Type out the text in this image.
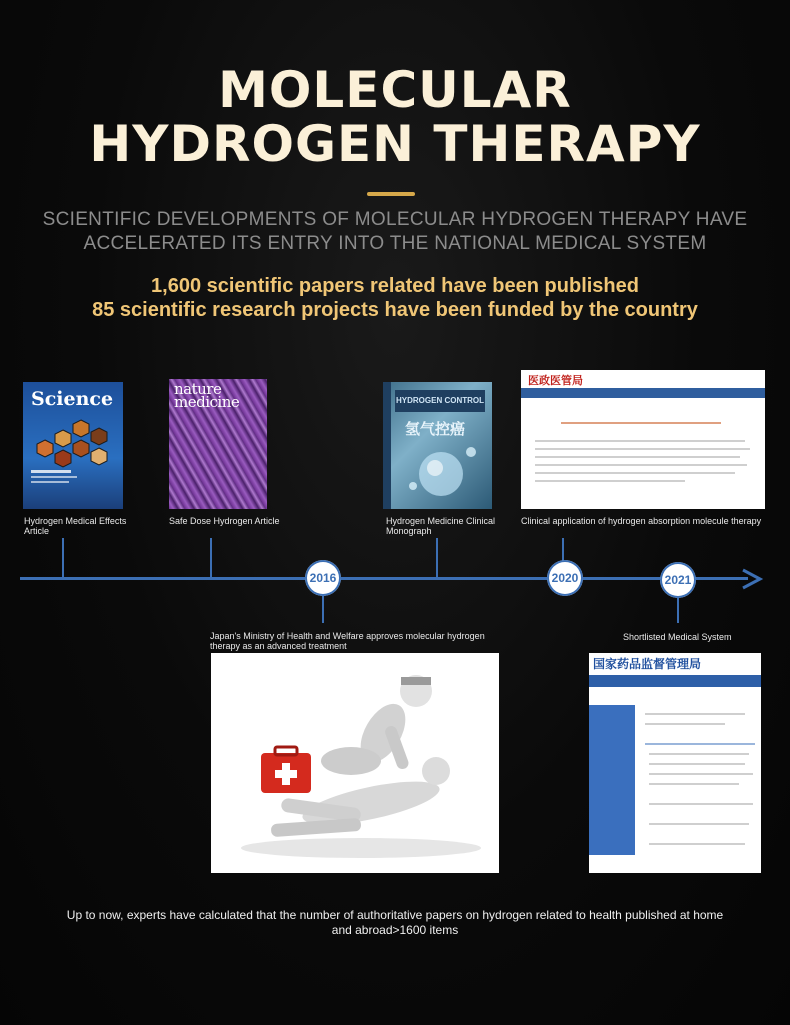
MOLECULAR
HYDROGEN THERAPY
SCIENTIFIC DEVELOPMENTS OF MOLECULAR HYDROGEN THERAPY HAVE
ACCELERATED ITS ENTRY INTO THE NATIONAL MEDICAL SYSTEM
1,600 scientific papers related have been published
85 scientific research projects have been funded by the country
Science
Hydrogen Medical Effects Article
nature medicine
Safe Dose Hydrogen Article
HYDROGEN CONTROL
氢气控癌
Hydrogen Medicine Clinical Monograph
医政医管局
Clinical application of hydrogen absorption molecule therapy
2016	2020	2021
Japan's Ministry of Health and Welfare approves molecular hydrogen therapy as an advanced treatment
Shortlisted Medical System
国家药品监督管理局
Up to now, experts have calculated that the number of authoritative papers on hydrogen related to health published at home and abroad>1600 items
